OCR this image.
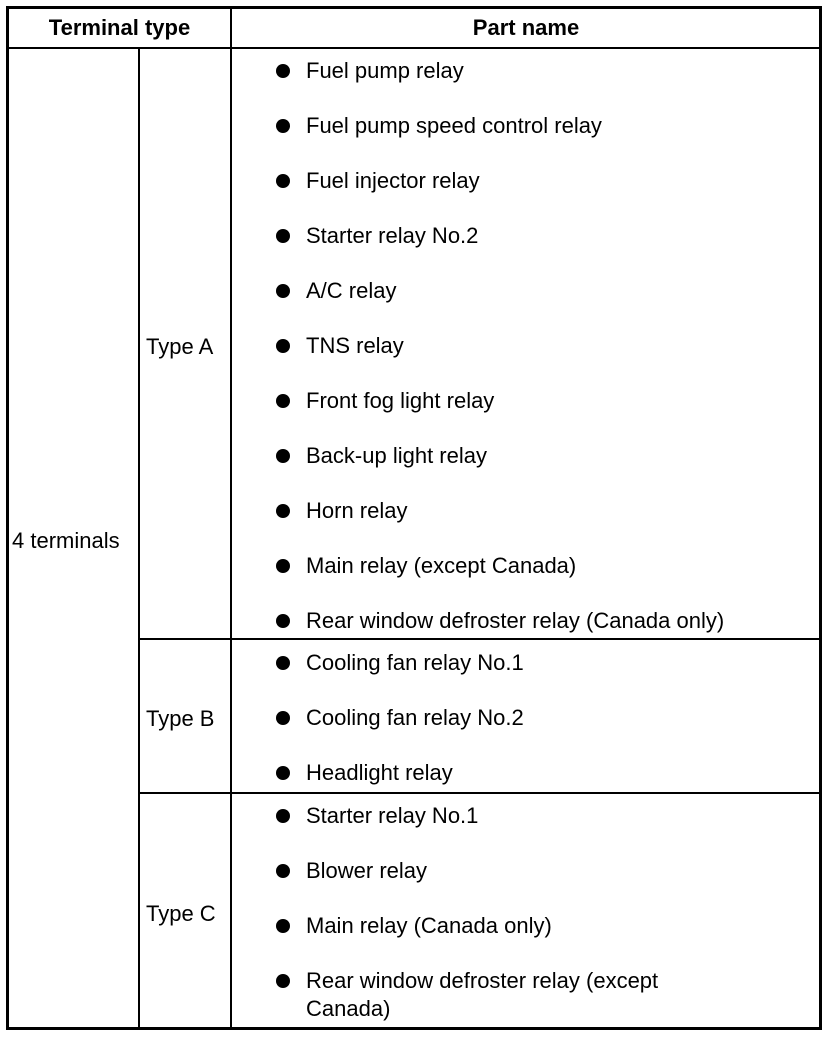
Terminal type	Part name
4 terminals
Type A
Type B
Type C
Fuel pump relay
Fuel pump speed control relay
Fuel injector relay
Starter relay No.2
A/C relay
TNS relay
Front fog light relay
Back-up light relay
Horn relay
Main relay (except Canada)
Rear window defroster relay (Canada only)
Cooling fan relay No.1
Cooling fan relay No.2
Headlight relay
Starter relay No.1
Blower relay
Main relay (Canada only)
Rear window defroster relay (except Canada)
